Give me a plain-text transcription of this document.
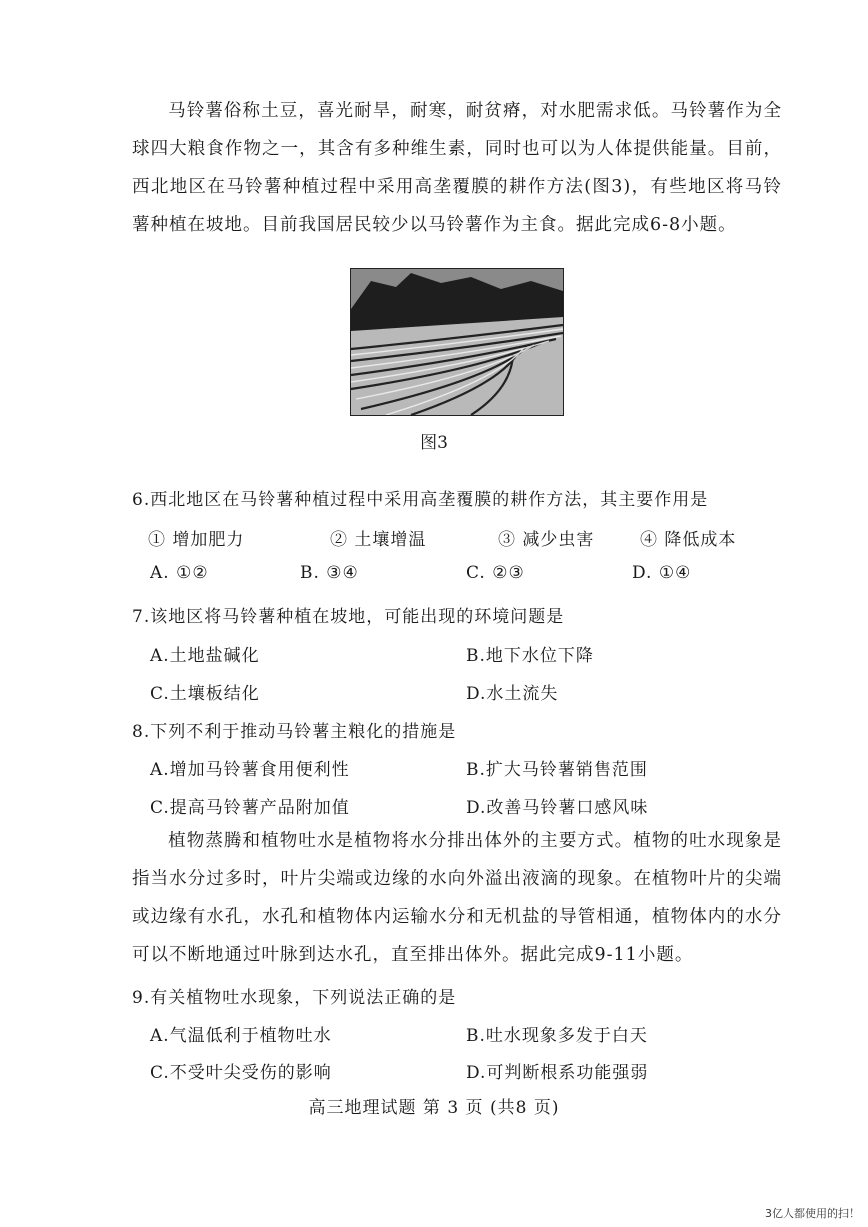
马铃薯俗称土豆，喜光耐旱，耐寒，耐贫瘠，对水肥需求低。马铃薯作为全球四大粮食作物之一，其含有多种维生素，同时也可以为人体提供能量。目前，西北地区在马铃薯种植过程中采用高垄覆膜的耕作方法(图3)，有些地区将马铃薯种植在坡地。目前我国居民较少以马铃薯作为主食。据此完成6-8小题。
图3
6.西北地区在马铃薯种植过程中采用高垄覆膜的耕作方法，其主要作用是
① 增加肥力	② 土壤增温	③ 减少虫害	④ 降低成本
A. ①②	B. ③④	C. ②③	D. ①④
7.该地区将马铃薯种植在坡地，可能出现的环境问题是
A.土地盐碱化	B.地下水位下降
C.土壤板结化	D.水土流失
8.下列不利于推动马铃薯主粮化的措施是
A.增加马铃薯食用便利性	B.扩大马铃薯销售范围
C.提高马铃薯产品附加值	D.改善马铃薯口感风味
植物蒸腾和植物吐水是植物将水分排出体外的主要方式。植物的吐水现象是指当水分过多时，叶片尖端或边缘的水向外溢出液滴的现象。在植物叶片的尖端或边缘有水孔，水孔和植物体内运输水分和无机盐的导管相通，植物体内的水分可以不断地通过叶脉到达水孔，直至排出体外。据此完成9-11小题。
9.有关植物吐水现象，下列说法正确的是
A.气温低利于植物吐水	B.吐水现象多发于白天
C.不受叶尖受伤的影响	D.可判断根系功能强弱
高三地理试题 第 3 页 (共8 页)
3亿人都使用的扫！
